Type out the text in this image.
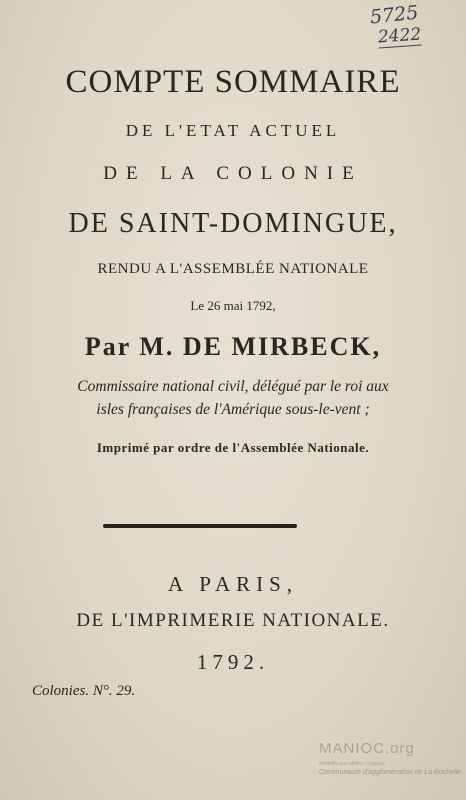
5725
2422
COMPTE SOMMAIRE
DE L'ETAT ACTUEL
DE LA COLONIE
DE SAINT-DOMINGUE,
RENDU A L'ASSEMBLÉE NATIONALE
Le 26 mai 1792,
Par M. DE MIRBECK,
Commissaire national civil, délégué par le roi aux
isles françaises de l'Amérique sous-le-vent ;
Imprimé par ordre de l'Assemblée Nationale.
A PARIS,
DE L'IMPRIMERIE NATIONALE.
1792.
Colonies. N°. 29.
MANIOC.org
Médiathèque Michel-Crépeau
Communauté d'agglomération de La Rochelle
